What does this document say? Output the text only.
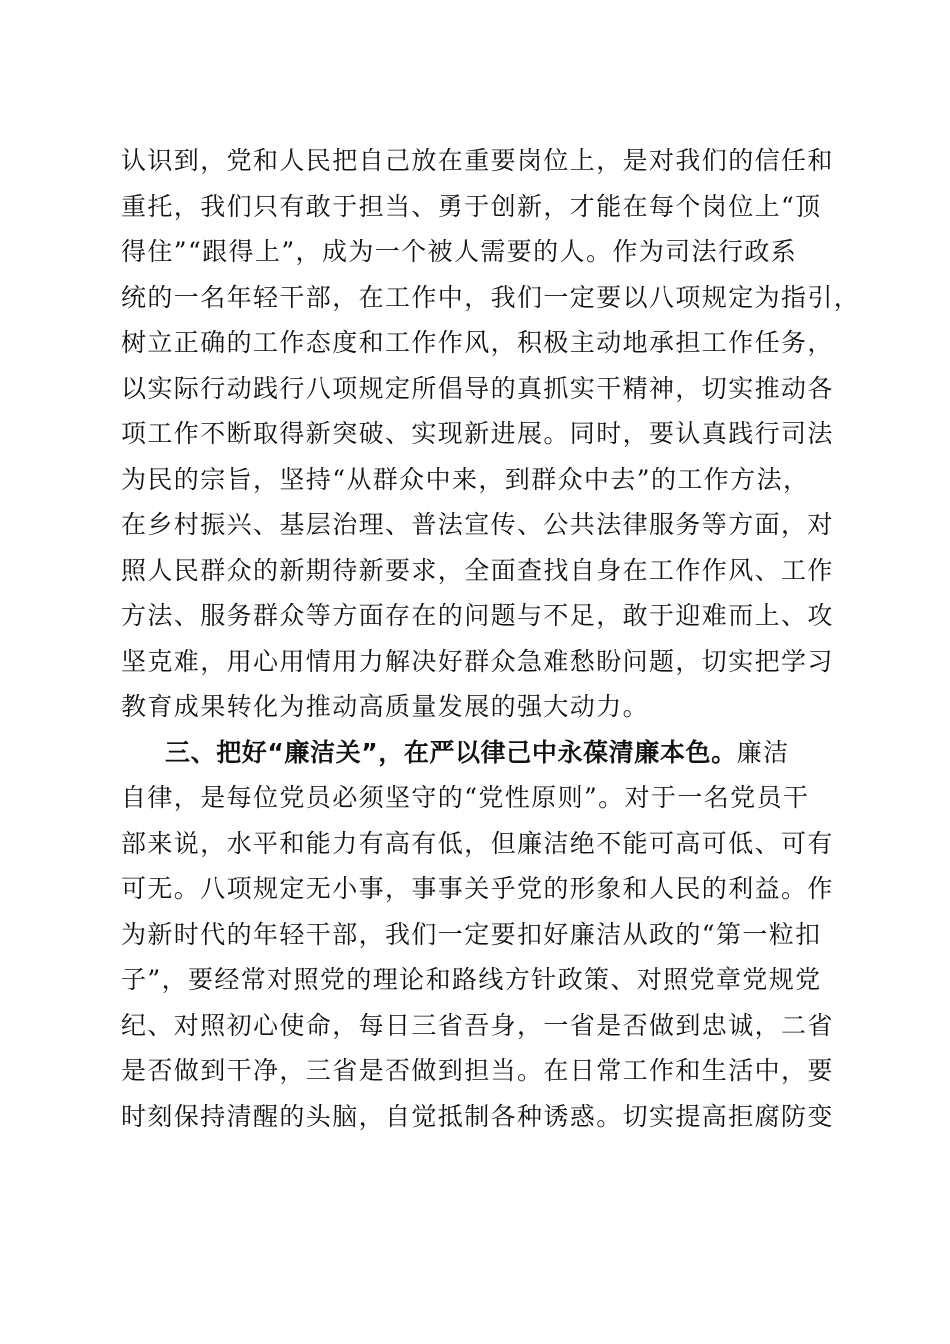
认识到，党和人民把自己放在重要岗位上，是对我们的信任和
重托，我们只有敢于担当、勇于创新，才能在每个岗位上“顶
得住”“跟得上”，成为一个被人需要的人。作为司法行政系
统的一名年轻干部，在工作中，我们一定要以八项规定为指引，
树立正确的工作态度和工作作风，积极主动地承担工作任务，
以实际行动践行八项规定所倡导的真抓实干精神，切实推动各
项工作不断取得新突破、实现新进展。同时，要认真践行司法
为民的宗旨，坚持“从群众中来，到群众中去”的工作方法，
在乡村振兴、基层治理、普法宣传、公共法律服务等方面，对
照人民群众的新期待新要求，全面查找自身在工作作风、工作
方法、服务群众等方面存在的问题与不足，敢于迎难而上、攻
坚克难，用心用情用力解决好群众急难愁盼问题，切实把学习
教育成果转化为推动高质量发展的强大动力。
三、把好“廉洁关”，在严以律己中永葆清廉本色。廉洁
自律，是每位党员必须坚守的“党性原则”。对于一名党员干
部来说，水平和能力有高有低，但廉洁绝不能可高可低、可有
可无。八项规定无小事，事事关乎党的形象和人民的利益。作
为新时代的年轻干部，我们一定要扣好廉洁从政的“第一粒扣
子”，要经常对照党的理论和路线方针政策、对照党章党规党
纪、对照初心使命，每日三省吾身，一省是否做到忠诚，二省
是否做到干净，三省是否做到担当。在日常工作和生活中，要
时刻保持清醒的头脑，自觉抵制各种诱惑。切实提高拒腐防变
